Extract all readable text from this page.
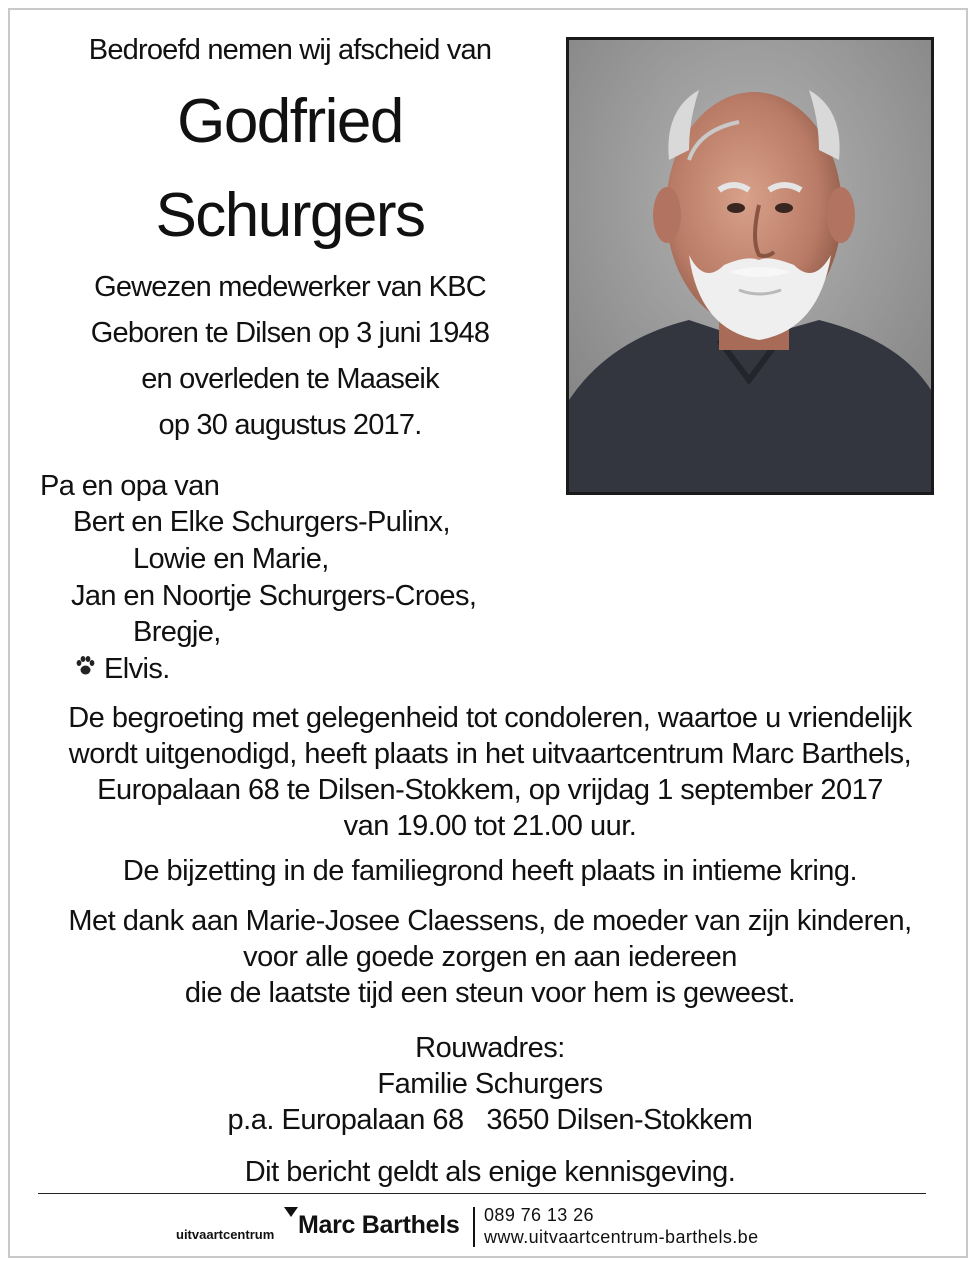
Bedroefd nemen wij afscheid van
Godfried
Schurgers
Gewezen medewerker van KBC
Geboren te Dilsen op 3 juni 1948
en overleden te Maaseik
op 30 augustus 2017.
Pa en opa van
Bert en Elke Schurgers-Pulinx,
Lowie en Marie,
Jan en Noortje Schurgers-Croes,
Bregje,
Elvis.
De begroeting met gelegenheid tot condoleren, waartoe u vriendelijk
wordt uitgenodigd, heeft plaats in het uitvaartcentrum Marc Barthels,
Europalaan 68 te Dilsen-Stokkem, op vrijdag 1 september 2017
van 19.00 tot 21.00 uur.
De bijzetting in de familiegrond heeft plaats in intieme kring.
Met dank aan Marie-Josee Claessens, de moeder van zijn kinderen,
voor alle goede zorgen en aan iedereen
die de laatste tijd een steun voor hem is geweest.
Rouwadres:
Familie Schurgers
p.a. Europalaan 68 3650 Dilsen-Stokkem
Dit bericht geldt als enige kennisgeving.
uitvaartcentrum Marc Barthels 089 76 13 26
www.uitvaartcentrum-barthels.be
